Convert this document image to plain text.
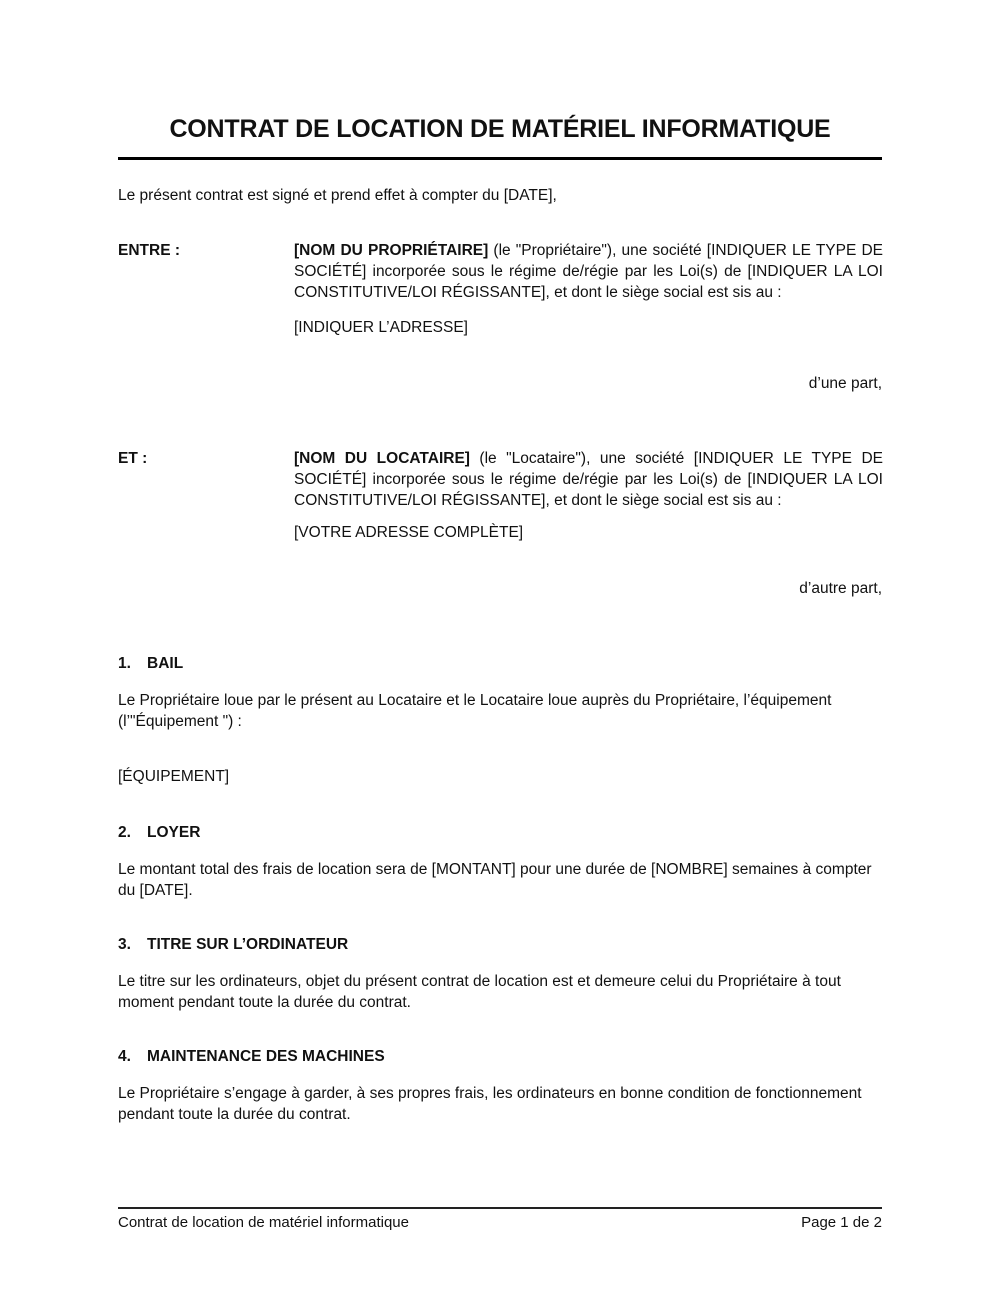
CONTRAT DE LOCATION DE MATÉRIEL INFORMATIQUE
Le présent contrat est signé et prend effet à compter du [DATE],
ENTRE :	[NOM DU PROPRIÉTAIRE] (le "Propriétaire"), une société [INDIQUER LE TYPE DE SOCIÉTÉ] incorporée sous le régime de/régie par les Loi(s) de [INDIQUER LA LOI CONSTITUTIVE/LOI RÉGISSANTE], et dont le siège social est sis au :
[INDIQUER L’ADRESSE]
d’une part,
ET :	[NOM DU LOCATAIRE] (le "Locataire"), une société [INDIQUER LE TYPE DE SOCIÉTÉ] incorporée sous le régime de/régie par les Loi(s) de [INDIQUER LA LOI CONSTITUTIVE/LOI RÉGISSANTE], et dont le siège social est sis au :
[VOTRE ADRESSE COMPLÈTE]
d’autre part,
1. BAIL
Le Propriétaire loue par le présent au Locataire et le Locataire loue auprès du Propriétaire, l’équipement (l’"Équipement ") :
[ÉQUIPEMENT]
2. LOYER
Le montant total des frais de location sera de [MONTANT] pour une durée de [NOMBRE] semaines à compter du [DATE].
3. TITRE SUR L’ORDINATEUR
Le titre sur les ordinateurs, objet du présent contrat de location est et demeure celui du Propriétaire à tout moment pendant toute la durée du contrat.
4. MAINTENANCE DES MACHINES
Le Propriétaire s’engage à garder, à ses propres frais, les ordinateurs en bonne condition de fonctionnement pendant toute la durée du contrat.
Contrat de location de matériel informatique	Page 1 de 2
